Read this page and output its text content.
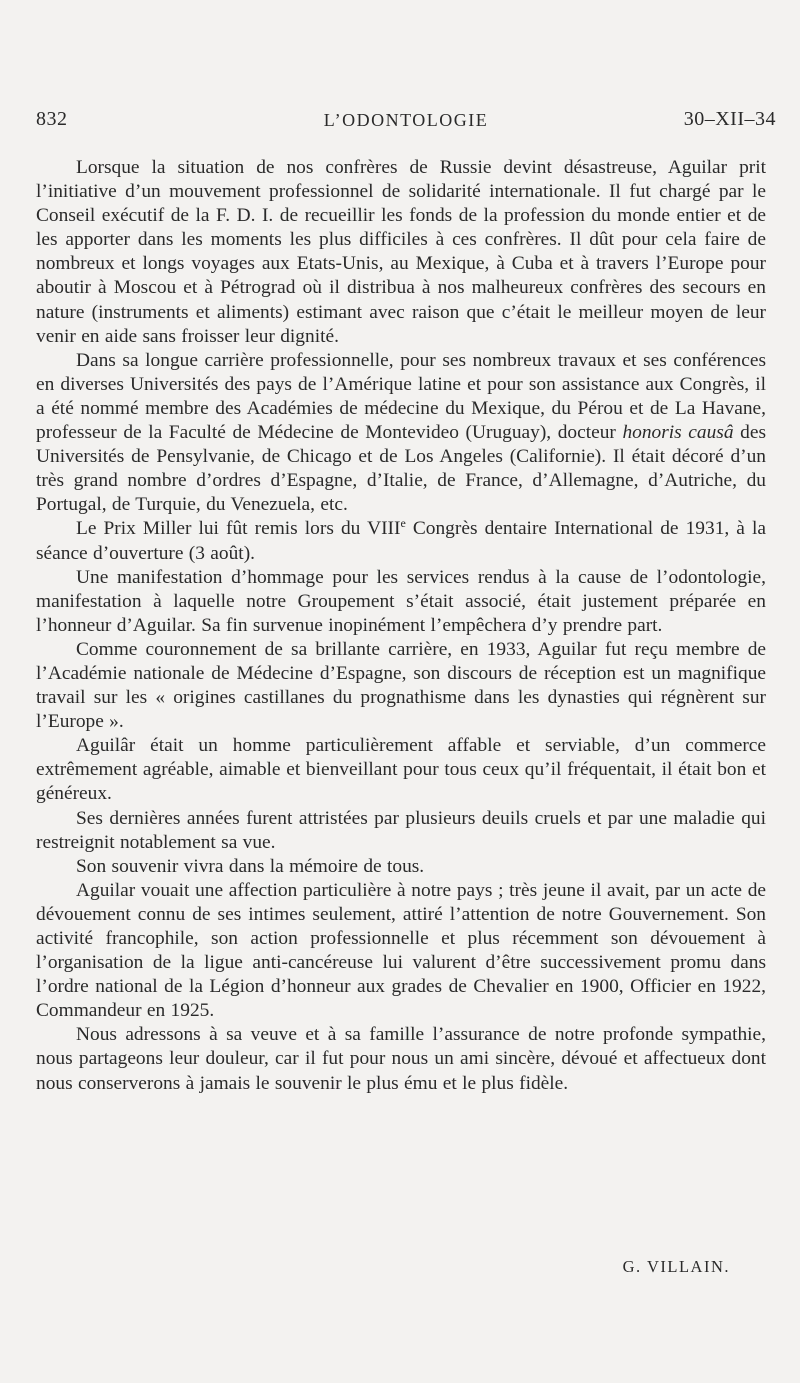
832	L’ODONTOLOGIE	30–XII–34

Lorsque la situation de nos confrères de Russie devint désastreuse, Aguilar prit l’initiative d’un mouvement professionnel de solidarité internationale. Il fut chargé par le Conseil exécutif de la F. D. I. de recueillir les fonds de la profession du monde entier et de les apporter dans les moments les plus difficiles à ces confrères. Il dût pour cela faire de nombreux et longs voyages aux Etats-Unis, au Mexique, à Cuba et à travers l’Europe pour aboutir à Moscou et à Pétrograd où il distribua à nos malheureux confrères des secours en nature (instruments et aliments) estimant avec raison que c’était le meilleur moyen de leur venir en aide sans froisser leur dignité.

Dans sa longue carrière professionnelle, pour ses nombreux travaux et ses conférences en diverses Universités des pays de l’Amérique latine et pour son assistance aux Congrès, il a été nommé membre des Académies de médecine du Mexique, du Pérou et de La Havane, professeur de la Faculté de Médecine de Montevideo (Uruguay), docteur honoris causâ des Universités de Pensylvanie, de Chicago et de Los Angeles (Californie). Il était décoré d’un très grand nombre d’ordres d’Espagne, d’Italie, de France, d’Allemagne, d’Autriche, du Portugal, de Turquie, du Venezuela, etc.

Le Prix Miller lui fût remis lors du VIIIe Congrès dentaire International de 1931, à la séance d’ouverture (3 août).

Une manifestation d’hommage pour les services rendus à la cause de l’odontologie, manifestation à laquelle notre Groupement s’était associé, était justement préparée en l’honneur d’Aguilar. Sa fin survenue inopinément l’empêchera d’y prendre part.

Comme couronnement de sa brillante carrière, en 1933, Aguilar fut reçu membre de l’Académie nationale de Médecine d’Espagne, son discours de réception est un magnifique travail sur les « origines castillanes du prognathisme dans les dynasties qui régnèrent sur l’Europe ».

Aguilâr était un homme particulièrement affable et serviable, d’un commerce extrêmement agréable, aimable et bienveillant pour tous ceux qu’il fréquentait, il était bon et généreux.

Ses dernières années furent attristées par plusieurs deuils cruels et par une maladie qui restreignit notablement sa vue.

Son souvenir vivra dans la mémoire de tous.

Aguilar vouait une affection particulière à notre pays ; très jeune il avait, par un acte de dévouement connu de ses intimes seulement, attiré l’attention de notre Gouvernement. Son activité francophile, son action professionnelle et plus récemment son dévouement à l’organisation de la ligue anti-cancéreuse lui valurent d’être successivement promu dans l’ordre national de la Légion d’honneur aux grades de Chevalier en 1900, Officier en 1922, Commandeur en 1925.

Nous adressons à sa veuve et à sa famille l’assurance de notre profonde sympathie, nous partageons leur douleur, car il fut pour nous un ami sincère, dévoué et affectueux dont nous conserverons à jamais le souvenir le plus ému et le plus fidèle.

G. VILLAIN.
